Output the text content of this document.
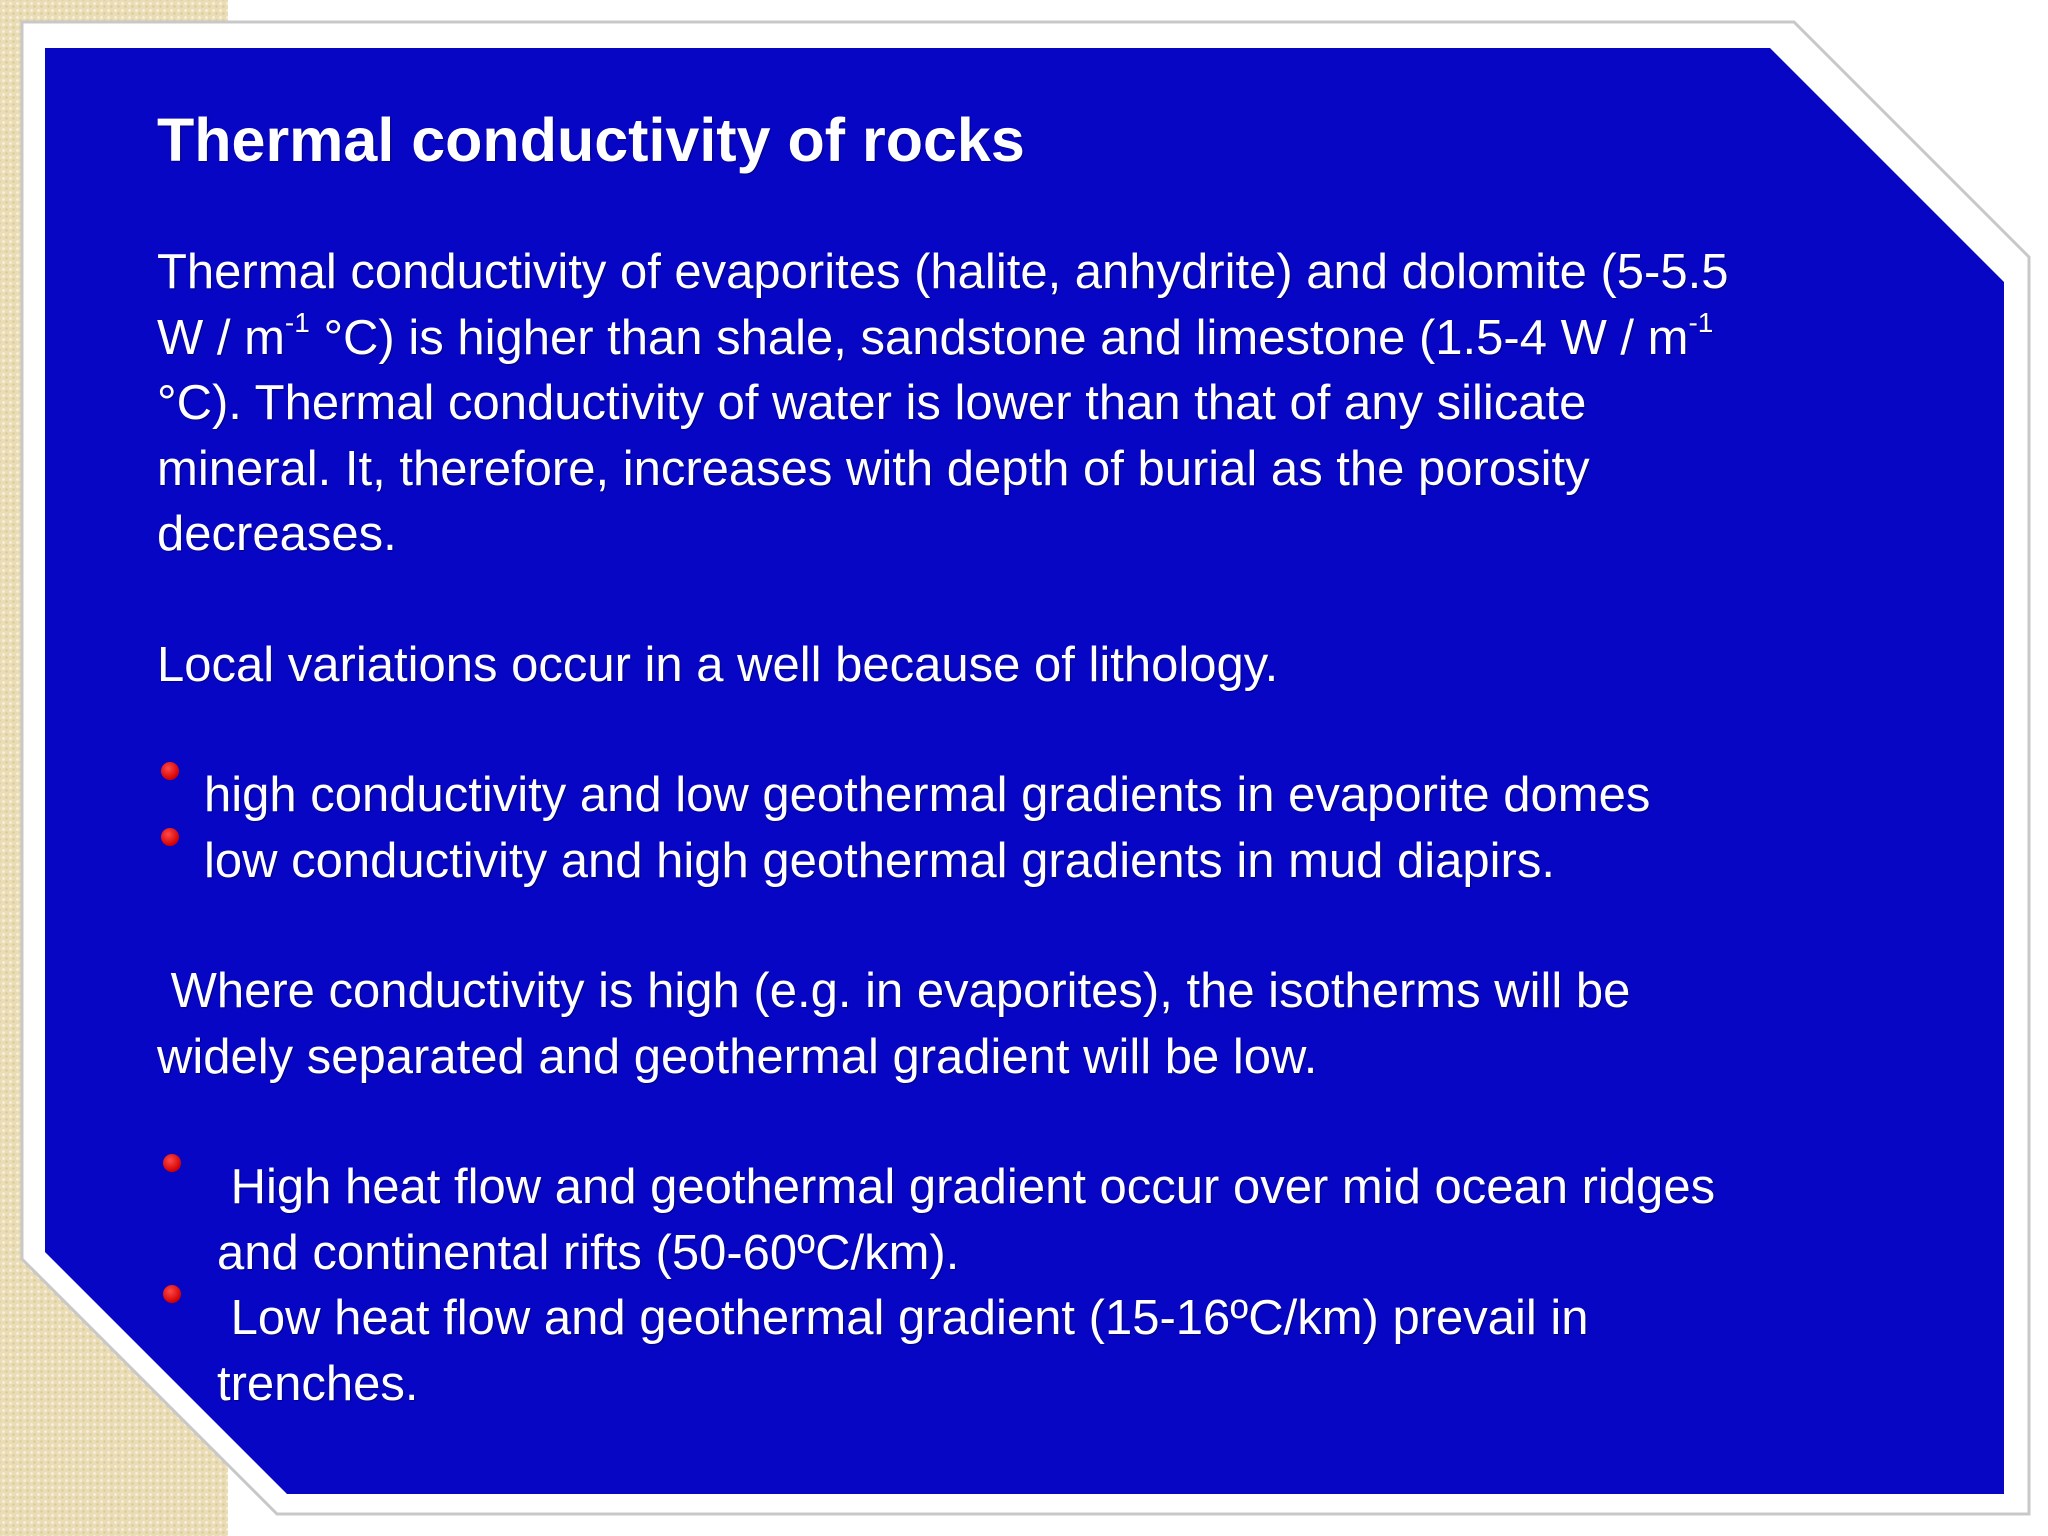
Thermal conductivity of rocks
Thermal conductivity of evaporites (halite, anhydrite) and dolomite (5-5.5
W / $m^{-1}$ °C) is higher than shale, sandstone and limestone (1.5-4 W / $m^{-1}$
°C). Thermal conductivity of water is lower than that of any silicate
mineral. It, therefore, increases with depth of burial as the porosity
decreases.
Local variations occur in a well because of lithology.
high conductivity and low geothermal gradients in evaporite domes
low conductivity and high geothermal gradients in mud diapirs.
Where conductivity is high (e.g. in evaporites), the isotherms will be
widely separated and geothermal gradient will be low.
High heat flow and geothermal gradient occur over mid ocean ridges
and continental rifts (50-60ºC/km).
Low heat flow and geothermal gradient (15-16ºC/km) prevail in
trenches.
